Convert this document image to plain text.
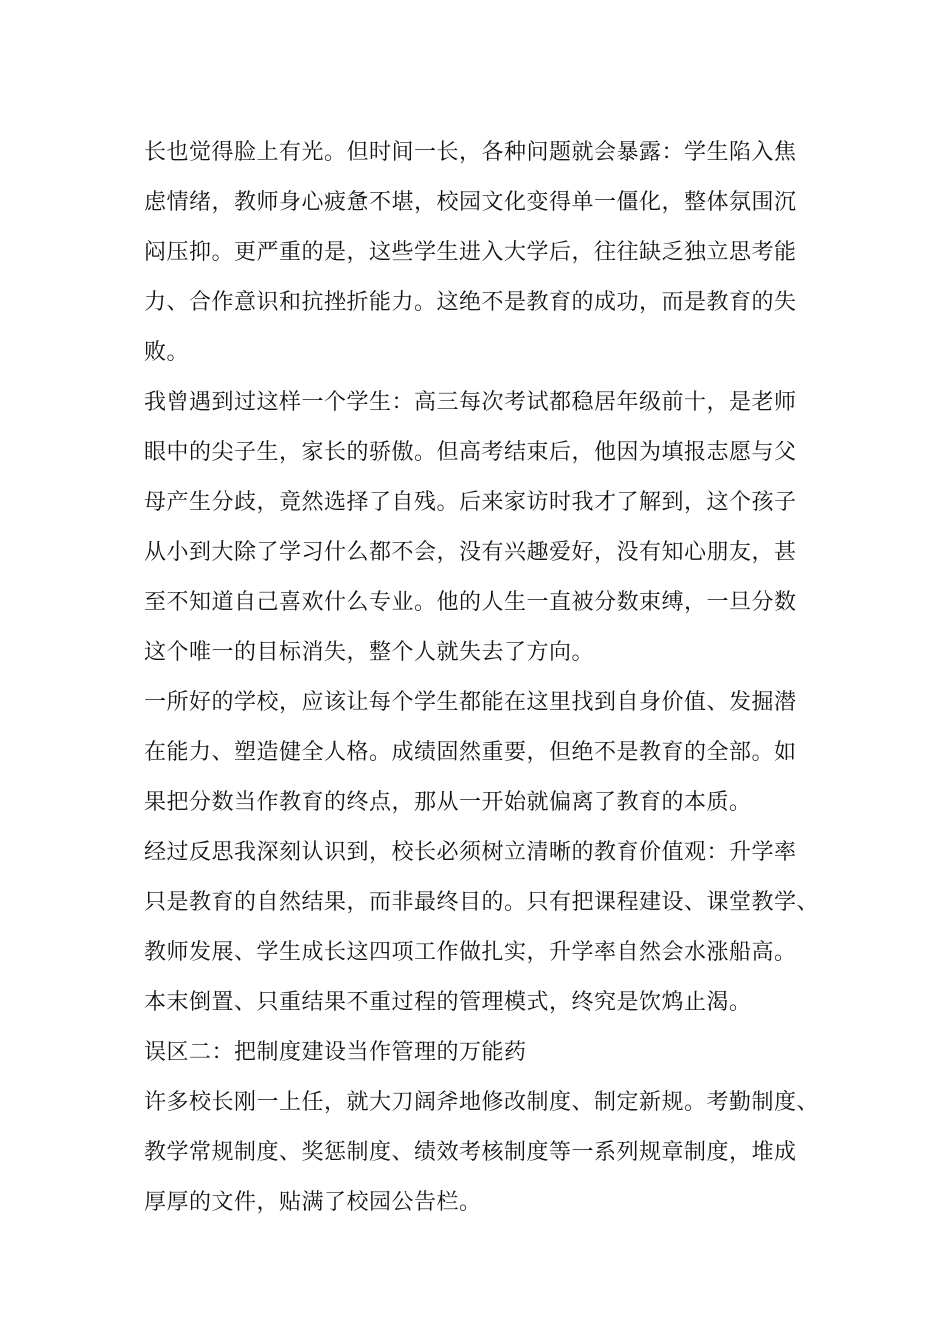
长也觉得脸上有光。但时间一长，各种问题就会暴露：学生陷入焦
虑情绪，教师身心疲惫不堪，校园文化变得单一僵化，整体氛围沉
闷压抑。更严重的是，这些学生进入大学后，往往缺乏独立思考能
力、合作意识和抗挫折能力。这绝不是教育的成功，而是教育的失
败。
我曾遇到过这样一个学生：高三每次考试都稳居年级前十，是老师
眼中的尖子生，家长的骄傲。但高考结束后，他因为填报志愿与父
母产生分歧，竟然选择了自残。后来家访时我才了解到，这个孩子
从小到大除了学习什么都不会，没有兴趣爱好，没有知心朋友，甚
至不知道自己喜欢什么专业。他的人生一直被分数束缚，一旦分数
这个唯一的目标消失，整个人就失去了方向。
一所好的学校，应该让每个学生都能在这里找到自身价值、发掘潜
在能力、塑造健全人格。成绩固然重要，但绝不是教育的全部。如
果把分数当作教育的终点，那从一开始就偏离了教育的本质。
经过反思我深刻认识到，校长必须树立清晰的教育价值观：升学率
只是教育的自然结果，而非最终目的。只有把课程建设、课堂教学、
教师发展、学生成长这四项工作做扎实，升学率自然会水涨船高。
本末倒置、只重结果不重过程的管理模式，终究是饮鸩止渴。
误区二：把制度建设当作管理的万能药
许多校长刚一上任，就大刀阔斧地修改制度、制定新规。考勤制度、
教学常规制度、奖惩制度、绩效考核制度等一系列规章制度，堆成
厚厚的文件，贴满了校园公告栏。
